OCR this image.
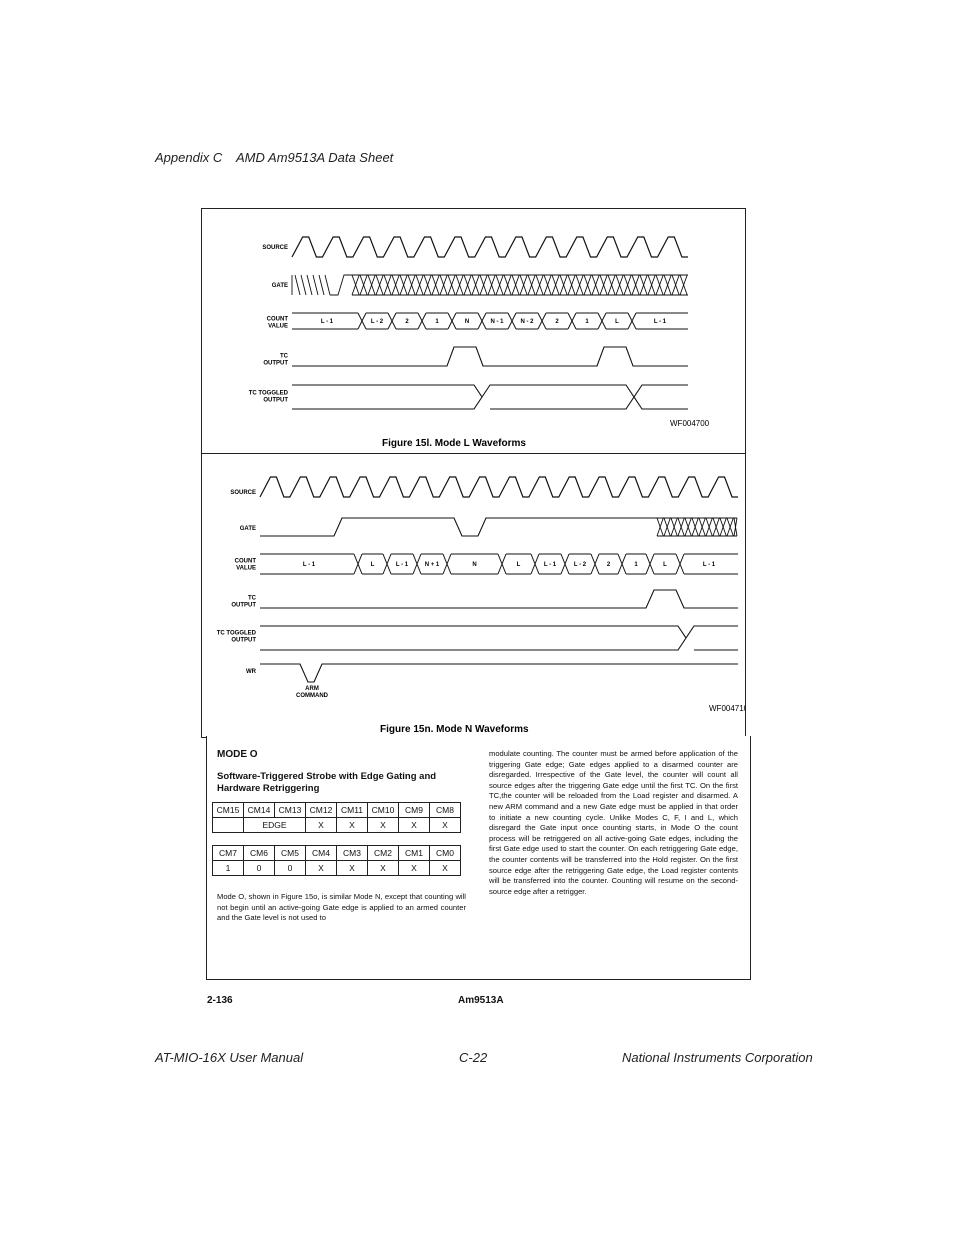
Appendix C AMD Am9513A Data Sheet
SOURCE
GATE
COUNT
VALUE
TC
OUTPUT
TC TOGGLED
OUTPUT
L - 1	L - 2	2	1	N	N - 1	N - 2	2	1	L	L - 1
WF004700
Figure 15l. Mode L Waveforms
SOURCE
GATE
COUNT
VALUE
TC
OUTPUT
TC TOGGLED
OUTPUT
WR
L - 1	L	L - 1	N + 1	N	L	L - 1	L - 2	2	1	L	L - 1
ARM
COMMAND
WF004710
Figure 15n. Mode N Waveforms
MODE O
Software-Triggered Strobe with Edge Gating and Hardware Retriggering
CM15	CM14	CM13	CM12	CM11	CM10	CM9	CM8
	EDGE		X	X	X	X	X
CM7	CM6	CM5	CM4	CM3	CM2	CM1	CM0
1	0	0	X	X	X	X	X
Mode O, shown in Figure 15o, is similar Mode N, except that counting will not begin until an active-going Gate edge is applied to an armed counter and the Gate level is not used to
modulate counting. The counter must be armed before application of the triggering Gate edge; Gate edges applied to a disarmed counter are disregarded. Irrespective of the Gate level, the counter will count all source edges after the triggering Gate edge until the first TC. On the first TC,the counter will be reloaded from the Load register and disarmed. A new ARM command and a new Gate edge must be applied in that order to initiate a new counting cycle. Unlike Modes C, F, I and L, which disregard the Gate input once counting starts, in Mode O the count process will be retriggered on all active-going Gate edges, including the first Gate edge used to start the counter. On each retriggering Gate edge, the counter contents will be transferred into the Hold register. On the first source edge after the retriggering Gate edge, the Load register contents will be transferred into the counter. Counting will resume on the second-source edge after a retrigger.
2-136	Am9513A
AT-MIO-16X User Manual	C-22	National Instruments Corporation
